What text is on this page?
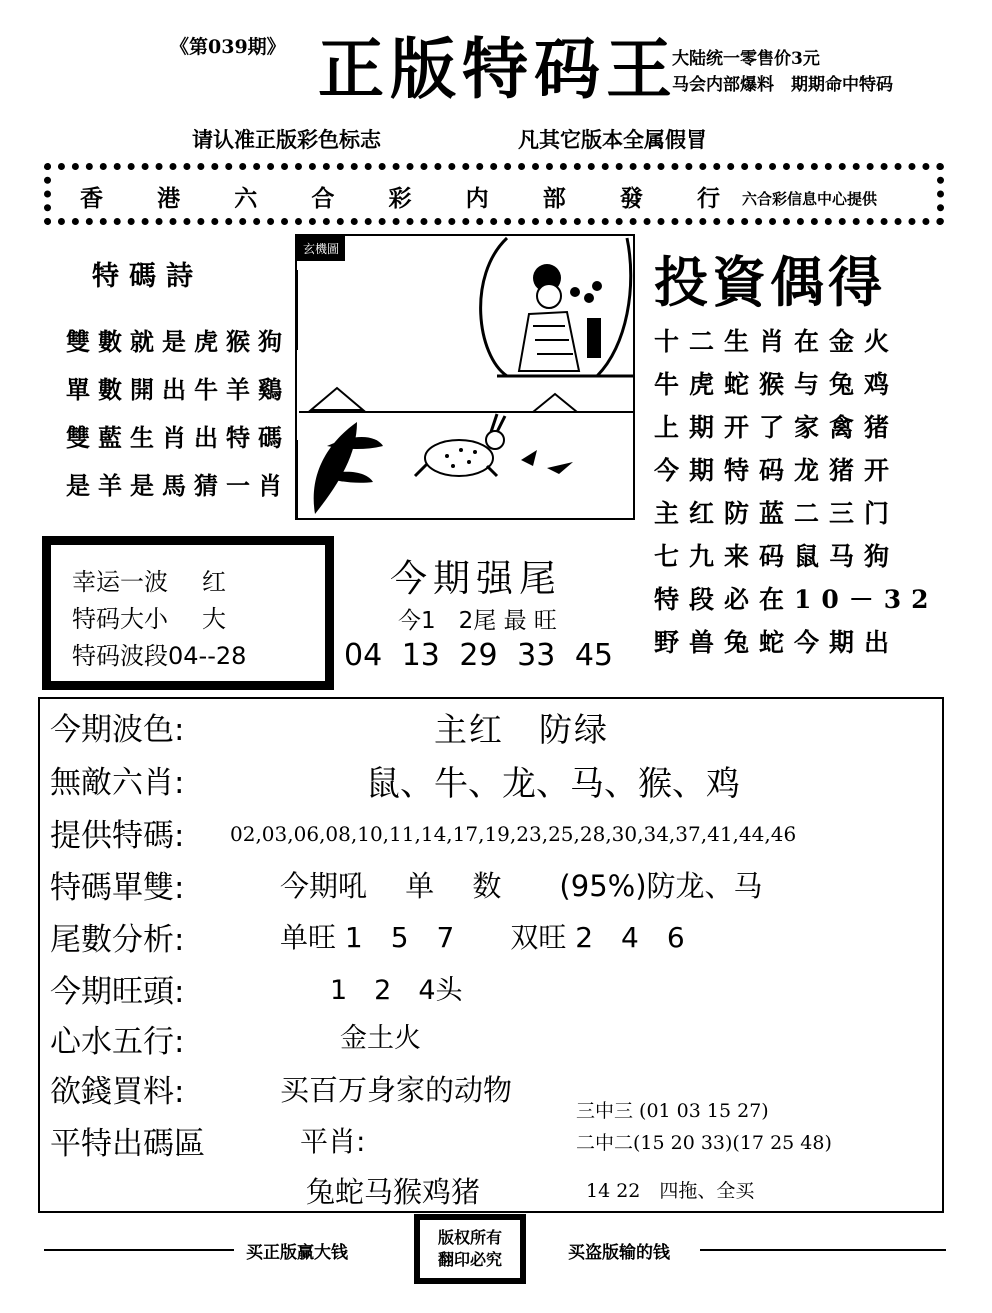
《第039期》 正版特码王
大陆统一零售价3元
马会内部爆料　期期命中特码
请认准正版彩色标志	凡其它版本全属假冒
香 港 六 合 彩 内 部 發 行 六合彩信息中心提供
特碼詩
雙數就是虎猴狗
單數開出牛羊鷄
雙藍生肖出特碼
是羊是馬猜一肖
玄機圖
投資偶得
十二生肖在金火
牛虎蛇猴与兔鸡
上期开了家禽猪
今期特码龙猪开
主红防蓝二三门
七九来码鼠马狗
特段必在10－32
野兽兔蛇今期出
幸运一波 红
特码大小 大
特码波段04--28
今期强尾
今1　2尾 最 旺
04 13 29 33 45
今期波色:	主红　防绿
無敵六肖:	鼠、牛、龙、马、猴、鸡
提供特碼: 02,03,06,08,10,11,14,17,19,23,25,28,30,34,37,41,44,46
特碼單雙:	今期吼　 单　 数　　(95%)防龙、马
尾數分析:	单旺 1　5　7　　双旺 2　4　6
今期旺頭:	1　2　4头
心水五行:	金土火
欲錢買料:	买百万身家的动物
平特出碼區	平肖:
兔蛇马猴鸡猪
三中三 (01 03 15 27)
二中二(15 20 33)(17 25 48)
14 22　四拖、全买
买正版赢大钱
版权所有
翻印必究	买盗版输的钱
